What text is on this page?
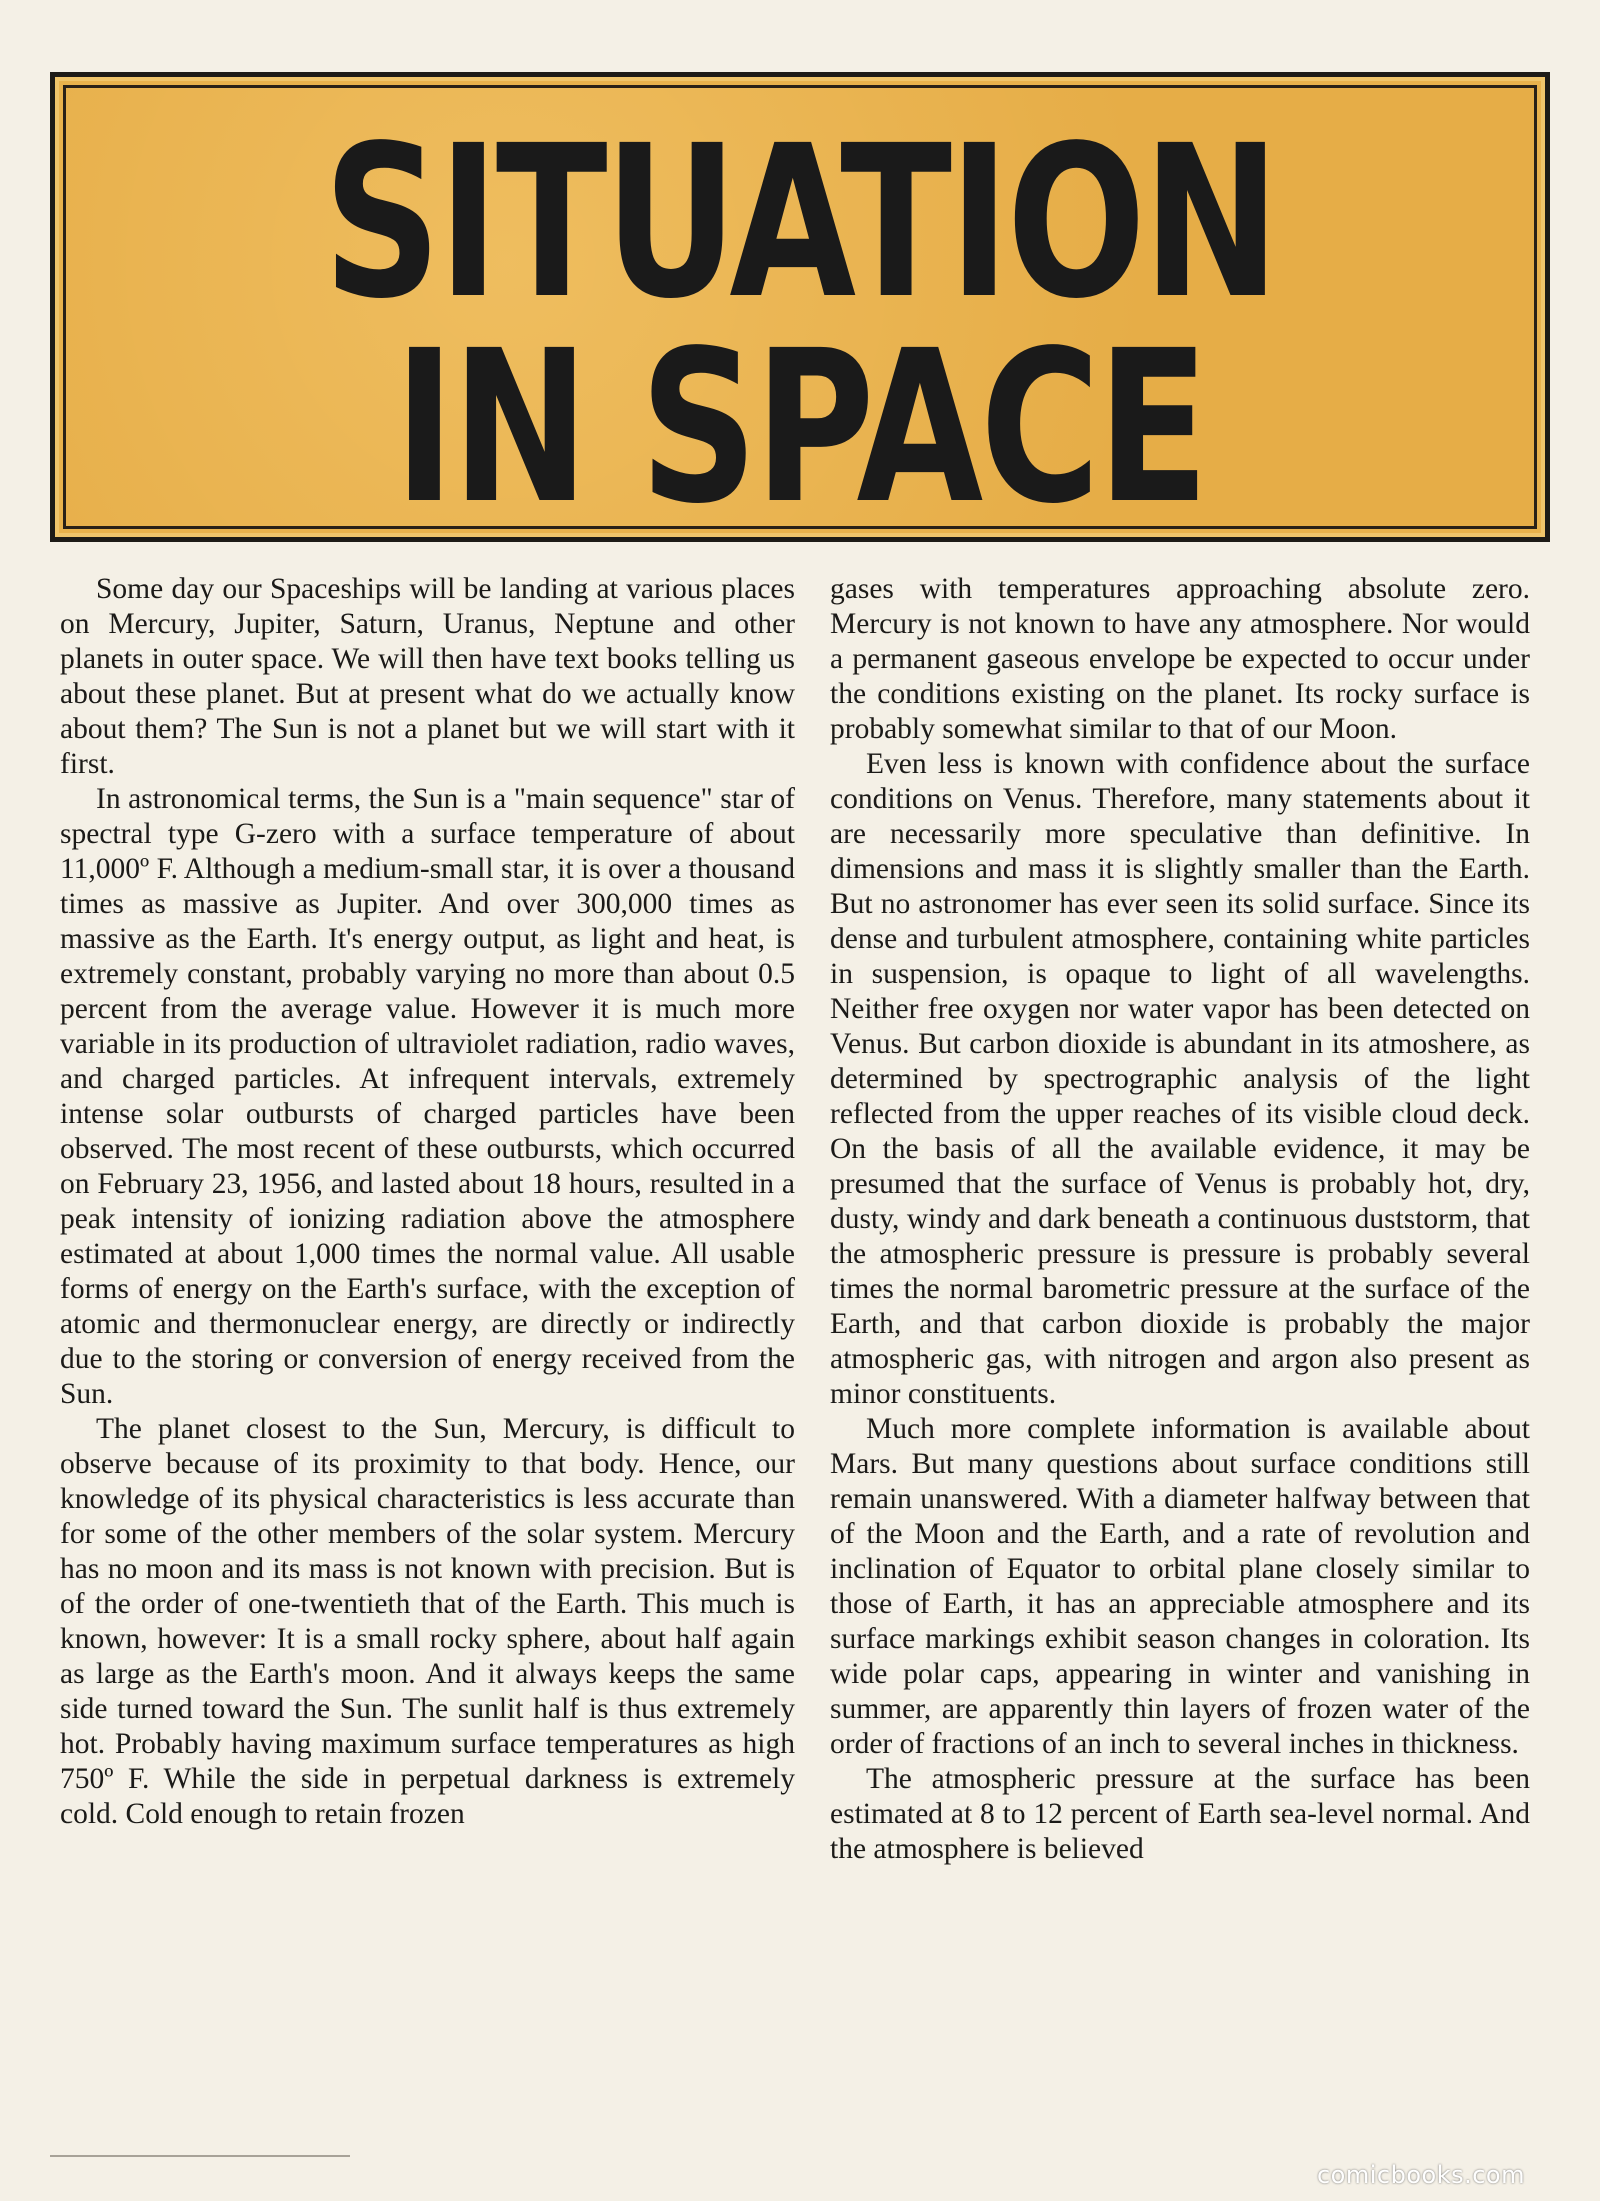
SITUATION
IN SPACE

Some day our Spaceships will be landing at various places on Mercury, Jupiter, Saturn, Uranus, Neptune and other planets in outer space. We will then have text books telling us about these planet. But at present what do we actually know about them? The Sun is not a planet but we will start with it first.

In astronomical terms, the Sun is a "main sequence" star of spectral type G-zero with a surface temperature of about 11,000º F. Although a medium-small star, it is over a thousand times as massive as Jupiter. And over 300,000 times as massive as the Earth. It's energy output, as light and heat, is extremely constant, probably varying no more than about 0.5 percent from the average value. However it is much more variable in its production of ultraviolet radiation, radio waves, and charged particles. At infrequent intervals, extremely intense solar outbursts of charged particles have been observed. The most recent of these outbursts, which occurred on February 23, 1956, and lasted about 18 hours, resulted in a peak intensity of ionizing radiation above the atmosphere estimated at about 1,000 times the normal value. All usable forms of energy on the Earth's surface, with the exception of atomic and thermonuclear energy, are directly or indirectly due to the storing or conversion of energy received from the Sun.

The planet closest to the Sun, Mercury, is difficult to observe because of its proximity to that body. Hence, our knowledge of its physical characteristics is less accurate than for some of the other members of the solar system. Mercury has no moon and its mass is not known with precision. But is of the order of one-twentieth that of the Earth. This much is known, however: It is a small rocky sphere, about half again as large as the Earth's moon. And it always keeps the same side turned toward the Sun. The sunlit half is thus extremely hot. Probably having maximum surface temperatures as high 750º F. While the side in perpetual darkness is extremely cold. Cold enough to retain frozen

gases with temperatures approaching absolute zero. Mercury is not known to have any atmosphere. Nor would a permanent gaseous envelope be expected to occur under the conditions existing on the planet. Its rocky surface is probably somewhat similar to that of our Moon.

Even less is known with confidence about the surface conditions on Venus. Therefore, many statements about it are necessarily more speculative than definitive. In dimensions and mass it is slightly smaller than the Earth. But no astronomer has ever seen its solid surface. Since its dense and turbulent atmosphere, containing white particles in suspension, is opaque to light of all wavelengths. Neither free oxygen nor water vapor has been detected on Venus. But carbon dioxide is abundant in its atmoshere, as determined by spectrographic analysis of the light reflected from the upper reaches of its visible cloud deck. On the basis of all the available evidence, it may be presumed that the surface of Venus is probably hot, dry, dusty, windy and dark beneath a continuous duststorm, that the atmospheric pressure is pressure is probably several times the normal barometric pressure at the surface of the Earth, and that carbon dioxide is probably the major atmospheric gas, with nitrogen and argon also present as minor constituents.

Much more complete information is available about Mars. But many questions about surface conditions still remain unanswered. With a diameter halfway between that of the Moon and the Earth, and a rate of revolution and inclination of Equator to orbital plane closely similar to those of Earth, it has an appreciable atmosphere and its surface markings exhibit season changes in coloration. Its wide polar caps, appearing in winter and vanishing in summer, are apparently thin layers of frozen water of the order of fractions of an inch to several inches in thickness.

The atmospheric pressure at the surface has been estimated at 8 to 12 percent of Earth sea-level normal. And the atmosphere is believed

comicbooks.com
